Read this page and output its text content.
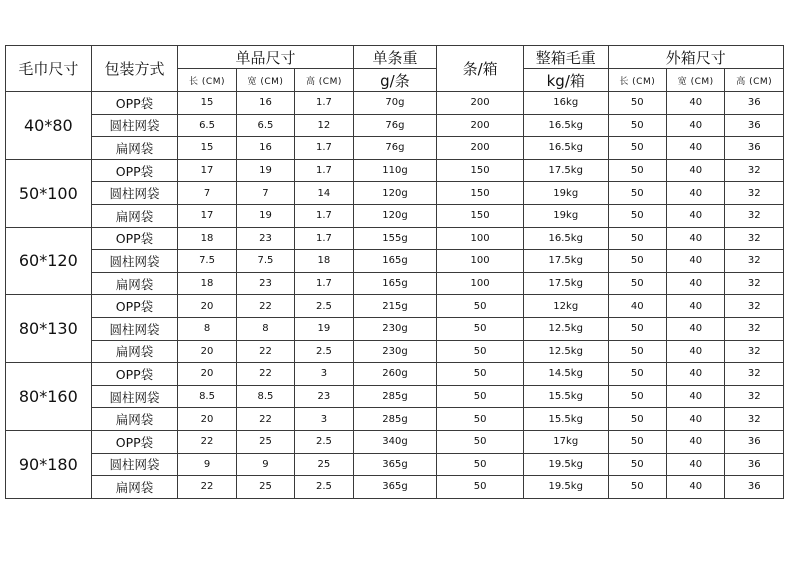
毛巾尺寸	包装方式	单品尺寸			单条重	条/箱	整箱毛重	外箱尺寸		
		长 (CM)	宽 (CM)	高 (CM)	g/条		kg/箱	长 (CM)	宽 (CM)	高 (CM)
40*80	OPP袋	15	16	1.7	70g	200	16kg	50	40	36
	圆柱网袋	6.5	6.5	12	76g	200	16.5kg	50	40	36
	扁网袋	15	16	1.7	76g	200	16.5kg	50	40	36
50*100	OPP袋	17	19	1.7	110g	150	17.5kg	50	40	32
	圆柱网袋	7	7	14	120g	150	19kg	50	40	32
	扁网袋	17	19	1.7	120g	150	19kg	50	40	32
60*120	OPP袋	18	23	1.7	155g	100	16.5kg	50	40	32
	圆柱网袋	7.5	7.5	18	165g	100	17.5kg	50	40	32
	扁网袋	18	23	1.7	165g	100	17.5kg	50	40	32
80*130	OPP袋	20	22	2.5	215g	50	12kg	40	40	32
	圆柱网袋	8	8	19	230g	50	12.5kg	50	40	32
	扁网袋	20	22	2.5	230g	50	12.5kg	50	40	32
80*160	OPP袋	20	22	3	260g	50	14.5kg	50	40	32
	圆柱网袋	8.5	8.5	23	285g	50	15.5kg	50	40	32
	扁网袋	20	22	3	285g	50	15.5kg	50	40	32
90*180	OPP袋	22	25	2.5	340g	50	17kg	50	40	36
	圆柱网袋	9	9	25	365g	50	19.5kg	50	40	36
	扁网袋	22	25	2.5	365g	50	19.5kg	50	40	36
